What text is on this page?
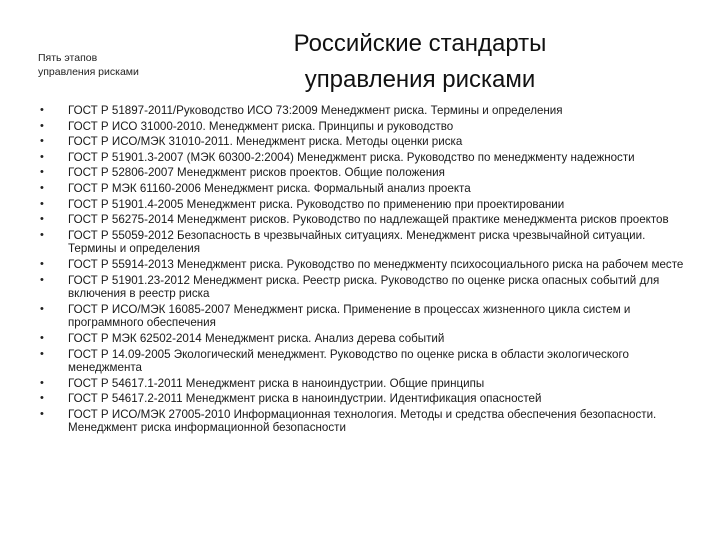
Пять этапов
управления рисками
Российские стандарты
управления рисками
•	ГОСТ Р 51897-2011/Руководство ИСО 73:2009 Менеджмент риска. Термины и определения
•	ГОСТ Р ИСО 31000-2010. Менеджмент риска. Принципы и руководство
•	ГОСТ Р ИСО/МЭК 31010-2011. Менеджмент риска. Методы оценки риска
•	ГОСТ Р 51901.3-2007 (МЭК 60300-2:2004) Менеджмент риска. Руководство по менеджменту надежности
•	ГОСТ Р 52806-2007 Менеджмент рисков проектов. Общие положения
•	ГОСТ Р МЭК 61160-2006 Менеджмент риска. Формальный анализ проекта
•	ГОСТ Р 51901.4-2005 Менеджмент риска. Руководство по применению при проектировании
•	ГОСТ Р 56275-2014 Менеджмент рисков. Руководство по надлежащей практике менеджмента рисков проектов
•	ГОСТ Р 55059-2012 Безопасность в чрезвычайных ситуациях. Менеджмент риска чрезвычайной ситуации. Термины и определения
•	ГОСТ Р 55914-2013 Менеджмент риска. Руководство по менеджменту психосоциального риска на рабочем месте
•	ГОСТ Р 51901.23-2012 Менеджмент риска. Реестр риска. Руководство по оценке риска опасных событий для включения в реестр риска
•	ГОСТ Р ИСО/МЭК 16085-2007 Менеджмент риска. Применение в процессах жизненного цикла систем и программного обеспечения
•	ГОСТ Р МЭК 62502-2014 Менеджмент риска. Анализ дерева событий
•	ГОСТ Р 14.09-2005 Экологический менеджмент. Руководство по оценке риска в области экологического менеджмента
•	ГОСТ Р 54617.1-2011 Менеджмент риска в наноиндустрии. Общие принципы
•	ГОСТ Р 54617.2-2011 Менеджмент риска в наноиндустрии. Идентификация опасностей
•	ГОСТ Р ИСО/МЭК 27005-2010 Информационная технология. Методы и средства обеспечения безопасности. Менеджмент риска информационной безопасности
